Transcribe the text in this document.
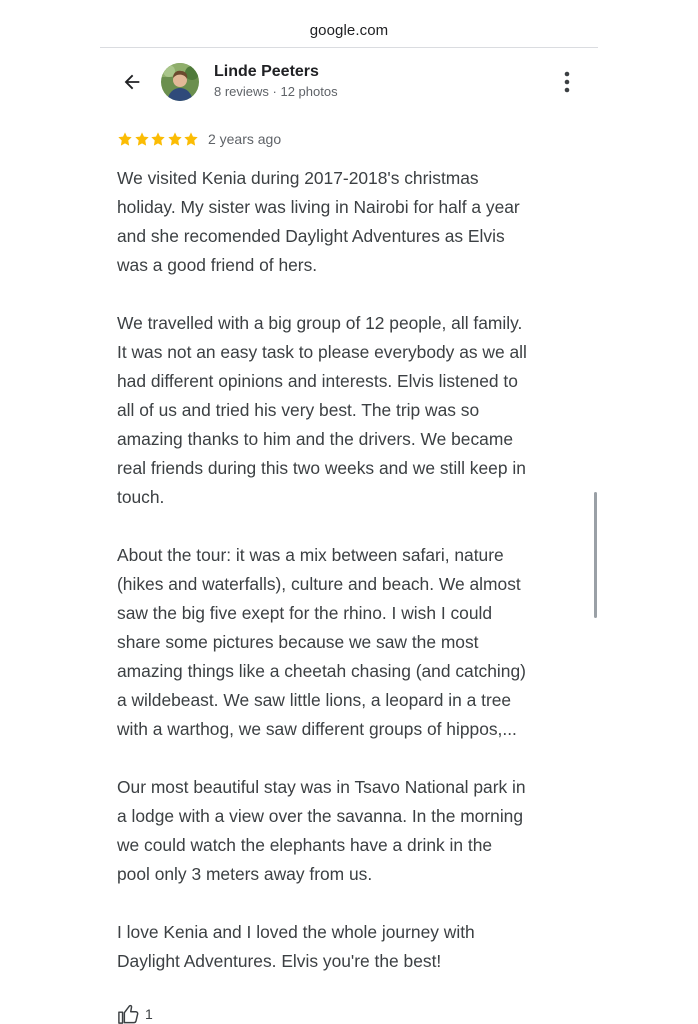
google.com
Linde Peeters
8 reviews · 12 photos
2 years ago

We visited Kenia during 2017-2018's christmas
holiday. My sister was living in Nairobi for half a year
and she recomended Daylight Adventures as Elvis
was a good friend of hers.

We travelled with a big group of 12 people, all family.
It was not an easy task to please everybody as we all
had different opinions and interests. Elvis listened to
all of us and tried his very best. The trip was so
amazing thanks to him and the drivers. We became
real friends during this two weeks and we still keep in
touch.

About the tour: it was a mix between safari, nature
(hikes and waterfalls), culture and beach. We almost
saw the big five exept for the rhino. I wish I could
share some pictures because we saw the most
amazing things like a cheetah chasing (and catching)
a wildebeast. We saw little lions, a leopard in a tree
with a warthog, we saw different groups of hippos,...

Our most beautiful stay was in Tsavo National park in
a lodge with a view over the savanna. In the morning
we could watch the elephants have a drink in the
pool only 3 meters away from us.

I love Kenia and I loved the whole journey with
Daylight Adventures. Elvis you're the best!

1
